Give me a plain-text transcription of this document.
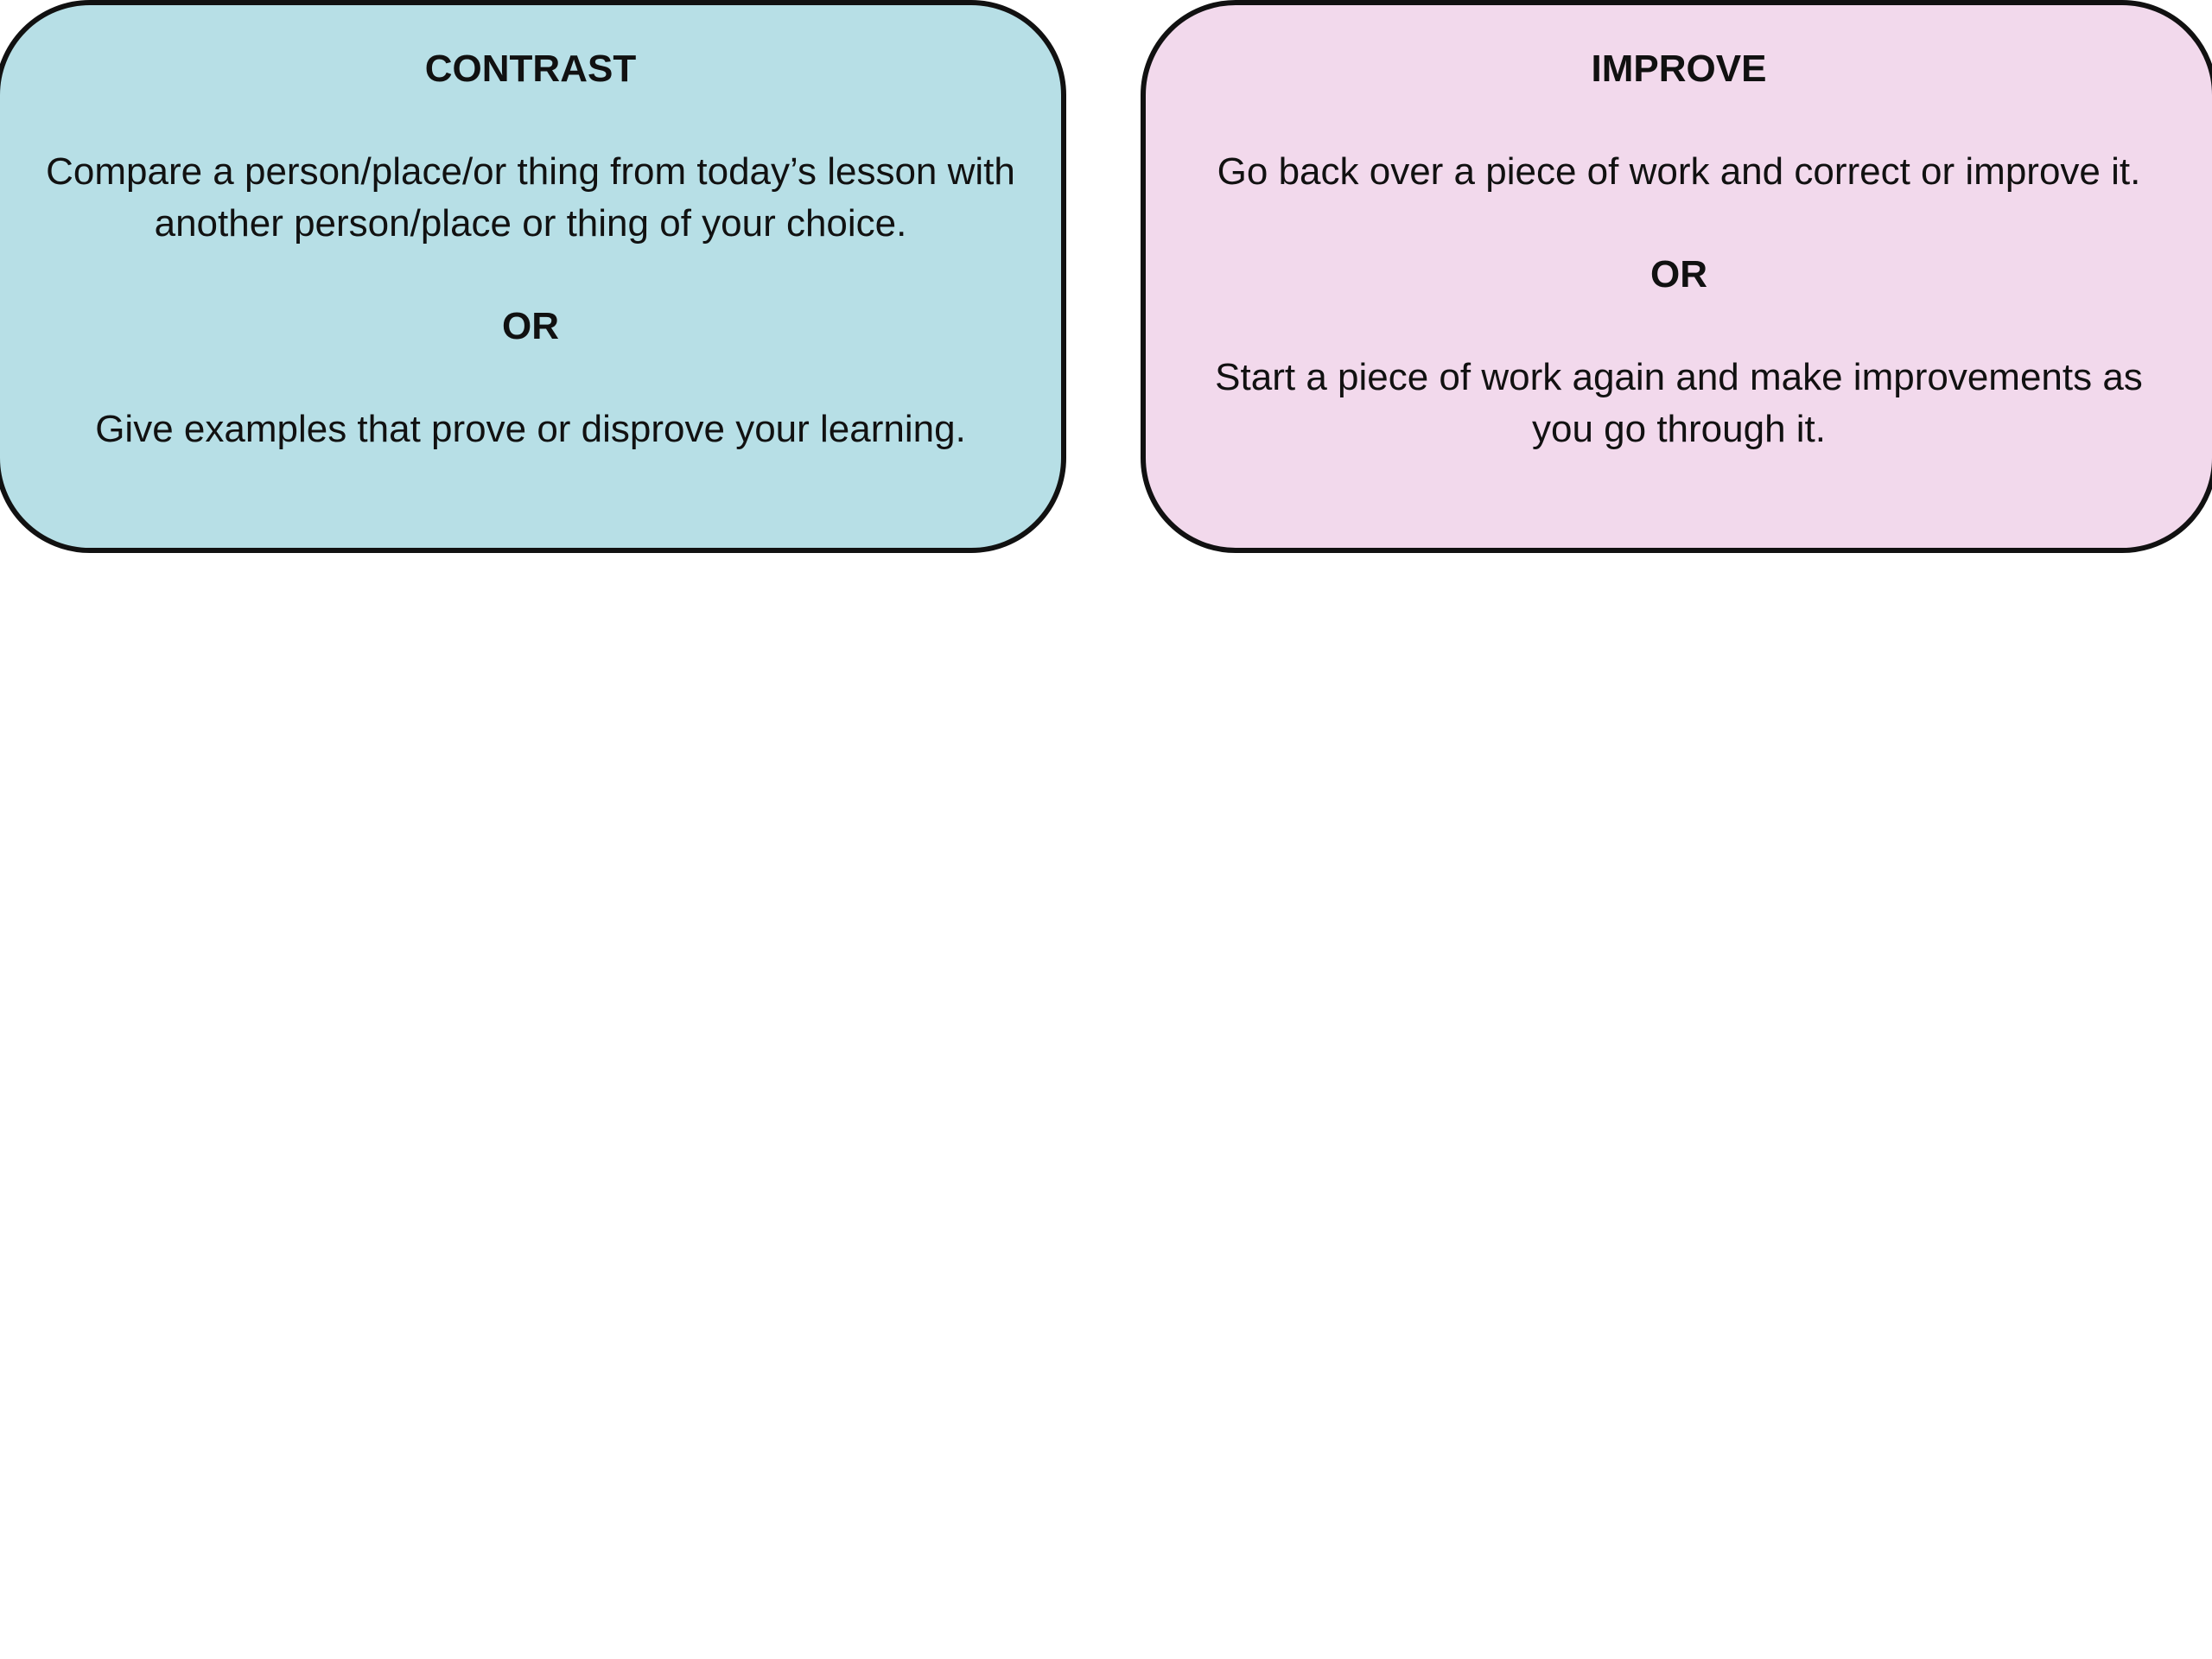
CONTRAST

Compare a person/place/or thing from today’s lesson with another person/place or thing of your choice.

OR

Give examples that prove or disprove your learning.

IMPROVE

Go back over a piece of work and correct or improve it.

OR

Start a piece of work again and make improvements as you go through it.
